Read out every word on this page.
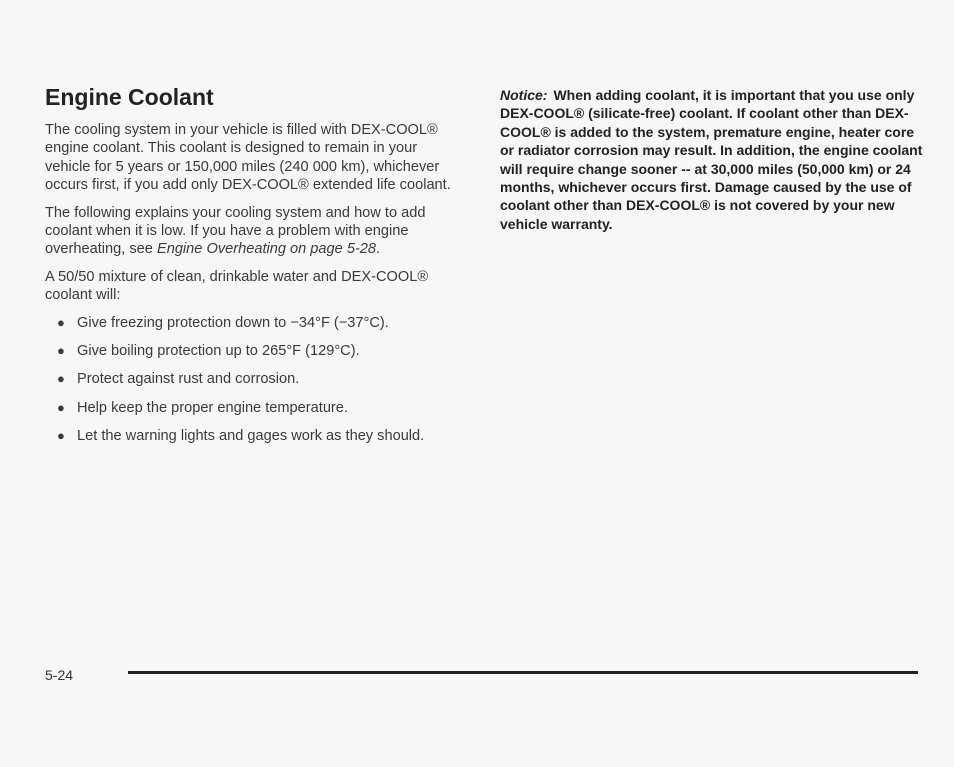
Engine Coolant

The cooling system in your vehicle is filled with DEX-COOL® engine coolant. This coolant is designed to remain in your vehicle for 5 years or 150,000 miles (240 000 km), whichever occurs first, if you add only DEX-COOL® extended life coolant.

The following explains your cooling system and how to add coolant when it is low. If you have a problem with engine overheating, see Engine Overheating on page 5-28.

A 50/50 mixture of clean, drinkable water and DEX-COOL® coolant will:

● Give freezing protection down to −34°F (−37°C).
● Give boiling protection up to 265°F (129°C).
● Protect against rust and corrosion.
● Help keep the proper engine temperature.
● Let the warning lights and gages work as they should.

Notice: When adding coolant, it is important that you use only DEX-COOL® (silicate-free) coolant. If coolant other than DEX-COOL® is added to the system, premature engine, heater core or radiator corrosion may result. In addition, the engine coolant will require change sooner -- at 30,000 miles (50,000 km) or 24 months, whichever occurs first. Damage caused by the use of coolant other than DEX-COOL® is not covered by your new vehicle warranty.

5-24
